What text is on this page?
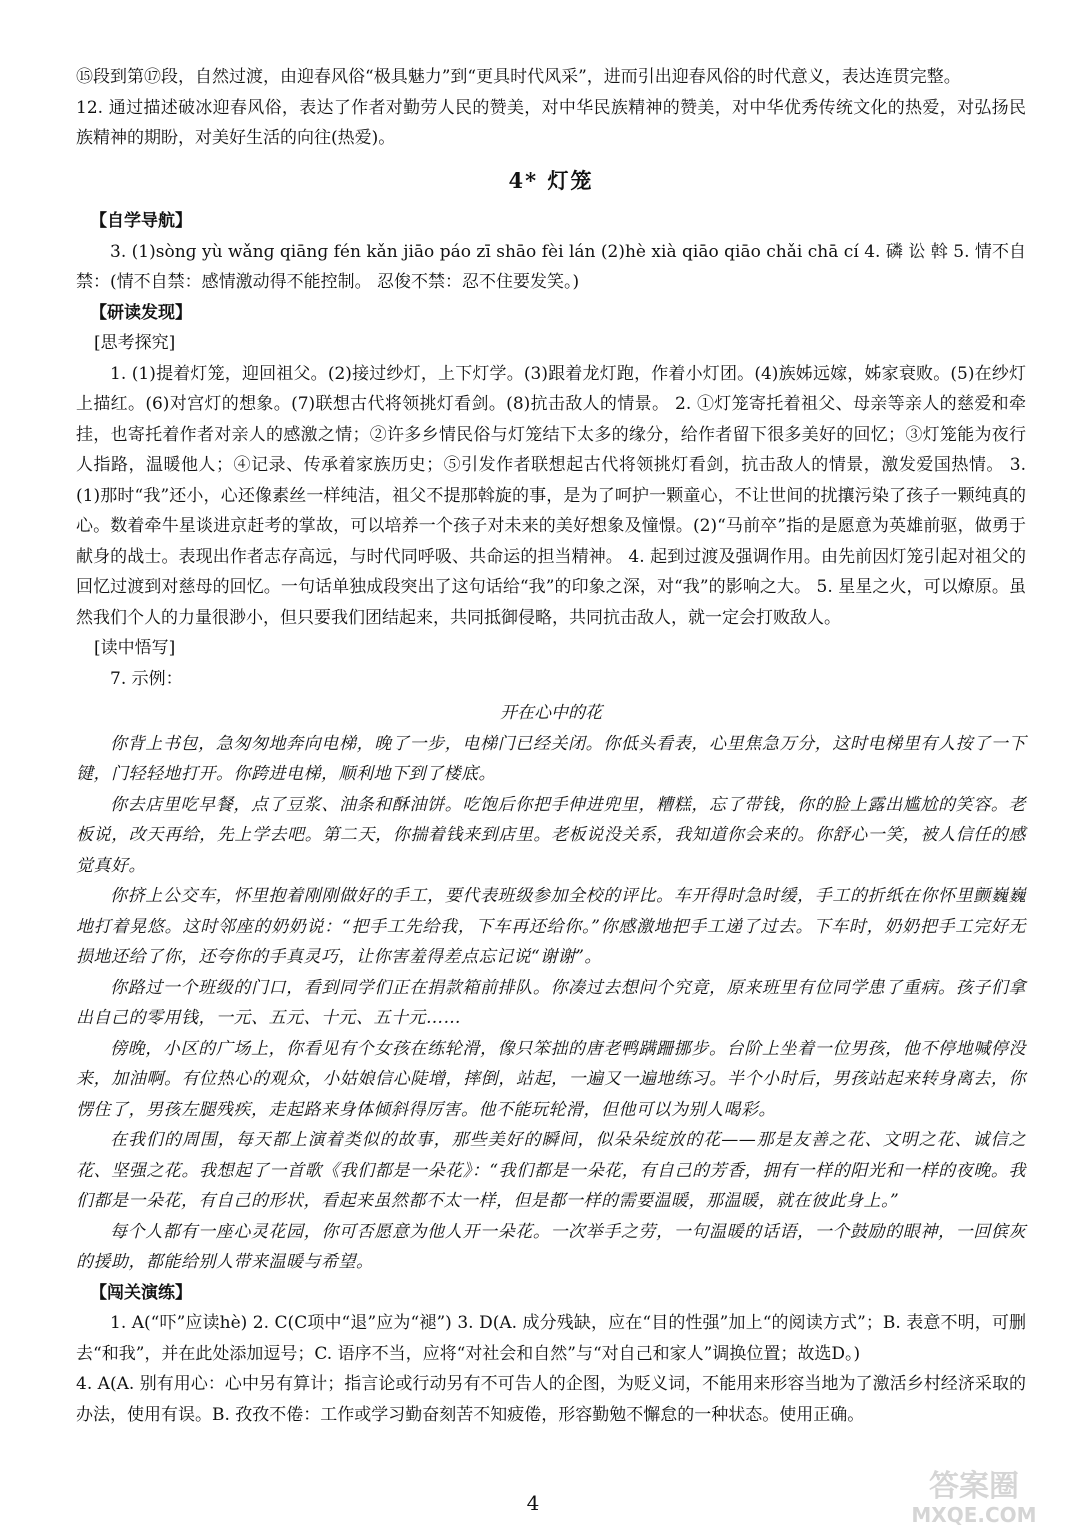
⑮段到第⑰段，自然过渡，由迎春风俗“极具魅力”到“更具时代风采”，进而引出迎春风俗的时代意义，表达连贯完整。

12. 通过描述破冰迎春风俗，表达了作者对勤劳人民的赞美，对中华民族精神的赞美，对中华优秀传统文化的热爱，对弘扬民族精神的期盼，对美好生活的向往(热爱)。

4* 灯笼

【自学导航】

3. (1)sònɡ yù wǎnɡ qiānɡ fén kǎn jiāo páo zī shāo fèi lán (2)hè xià qiāo qiāo chǎi chā cí 4. 磷 讼 斡 5. 情不自禁：(情不自禁：感情激动得不能控制。 忍俊不禁：忍不住要发笑。)

【研读发现】

[思考探究]

1. (1)提着灯笼，迎回祖父。(2)接过纱灯，上下灯学。(3)跟着龙灯跑，作着小灯团。(4)族姊远嫁，姊家衰败。(5)在纱灯上描红。(6)对宫灯的想象。(7)联想古代将领挑灯看剑。(8)抗击敌人的情景。 2. ①灯笼寄托着祖父、母亲等亲人的慈爱和牵挂，也寄托着作者对亲人的感激之情；②许多乡情民俗与灯笼结下太多的缘分，给作者留下很多美好的回忆；③灯笼能为夜行人指路，温暖他人；④记录、传承着家族历史；⑤引发作者联想起古代将领挑灯看剑，抗击敌人的情景，激发爱国热情。 3. (1)那时“我”还小，心还像素丝一样纯洁，祖父不提那斡旋的事，是为了呵护一颗童心，不让世间的扰攘污染了孩子一颗纯真的心。数着牵牛星谈进京赶考的掌故，可以培养一个孩子对未来的美好想象及憧憬。(2)“马前卒”指的是愿意为英雄前驱，做勇于献身的战士。表现出作者志存高远，与时代同呼吸、共命运的担当精神。 4. 起到过渡及强调作用。由先前因灯笼引起对祖父的回忆过渡到对慈母的回忆。一句话单独成段突出了这句话给“我”的印象之深，对“我”的影响之大。 5. 星星之火，可以燎原。虽然我们个人的力量很渺小，但只要我们团结起来，共同抵御侵略，共同抗击敌人，就一定会打败敌人。

[读中悟写]

7. 示例：

开在心中的花

你背上书包，急匆匆地奔向电梯，晚了一步，电梯门已经关闭。你低头看表，心里焦急万分，这时电梯里有人按了一下键，门轻轻地打开。你跨进电梯，顺利地下到了楼底。

你去店里吃早餐，点了豆浆、油条和酥油饼。吃饱后你把手伸进兜里，糟糕，忘了带钱，你的脸上露出尴尬的笑容。老板说，改天再给，先上学去吧。第二天，你揣着钱来到店里。老板说没关系，我知道你会来的。你舒心一笑，被人信任的感觉真好。

你挤上公交车，怀里抱着刚刚做好的手工，要代表班级参加全校的评比。车开得时急时缓，手工的折纸在你怀里颤巍巍地打着晃悠。这时邻座的奶奶说：“把手工先给我，下车再还给你。”你感激地把手工递了过去。下车时，奶奶把手工完好无损地还给了你，还夸你的手真灵巧，让你害羞得差点忘记说“谢谢”。

你路过一个班级的门口，看到同学们正在捐款箱前排队。你凑过去想问个究竟，原来班里有位同学患了重病。孩子们拿出自己的零用钱，一元、五元、十元、五十元……

傍晚，小区的广场上，你看见有个女孩在练轮滑，像只笨拙的唐老鸭蹒跚挪步。台阶上坐着一位男孩，他不停地喊停没来，加油啊。有位热心的观众，小姑娘信心陡增，摔倒，站起，一遍又一遍地练习。半个小时后，男孩站起来转身离去，你愣住了，男孩左腿残疾，走起路来身体倾斜得厉害。他不能玩轮滑，但他可以为别人喝彩。

在我们的周围，每天都上演着类似的故事，那些美好的瞬间，似朵朵绽放的花——那是友善之花、文明之花、诚信之花、坚强之花。我想起了一首歌《我们都是一朵花》：“我们都是一朵花，有自己的芳香，拥有一样的阳光和一样的夜晚。我们都是一朵花，有自己的形状，看起来虽然都不太一样，但是都一样的需要温暖，那温暖，就在彼此身上。”

每个人都有一座心灵花园，你可否愿意为他人开一朵花。一次举手之劳，一句温暖的话语，一个鼓励的眼神，一回傧灰的援助，都能给别人带来温暖与希望。

【闯关演练】

1. A(“吓”应读hè) 2. C(C项中“退”应为“褪”) 3. D(A. 成分残缺，应在“目的性强”加上“的阅读方式”；B. 表意不明，可删去“和我”，并在此处添加逗号；C. 语序不当，应将“对社会和自然”与“对自己和家人”调换位置；故选D。)

4. A(A. 别有用心：心中另有算计；指言论或行动另有不可告人的企图，为贬义词，不能用来形容当地为了激活乡村经济采取的办法，使用有误。B. 孜孜不倦：工作或学习勤奋刻苦不知疲倦，形容勤勉不懈怠的一种状态。使用正确。

4	答案圈
MXQE.COM
